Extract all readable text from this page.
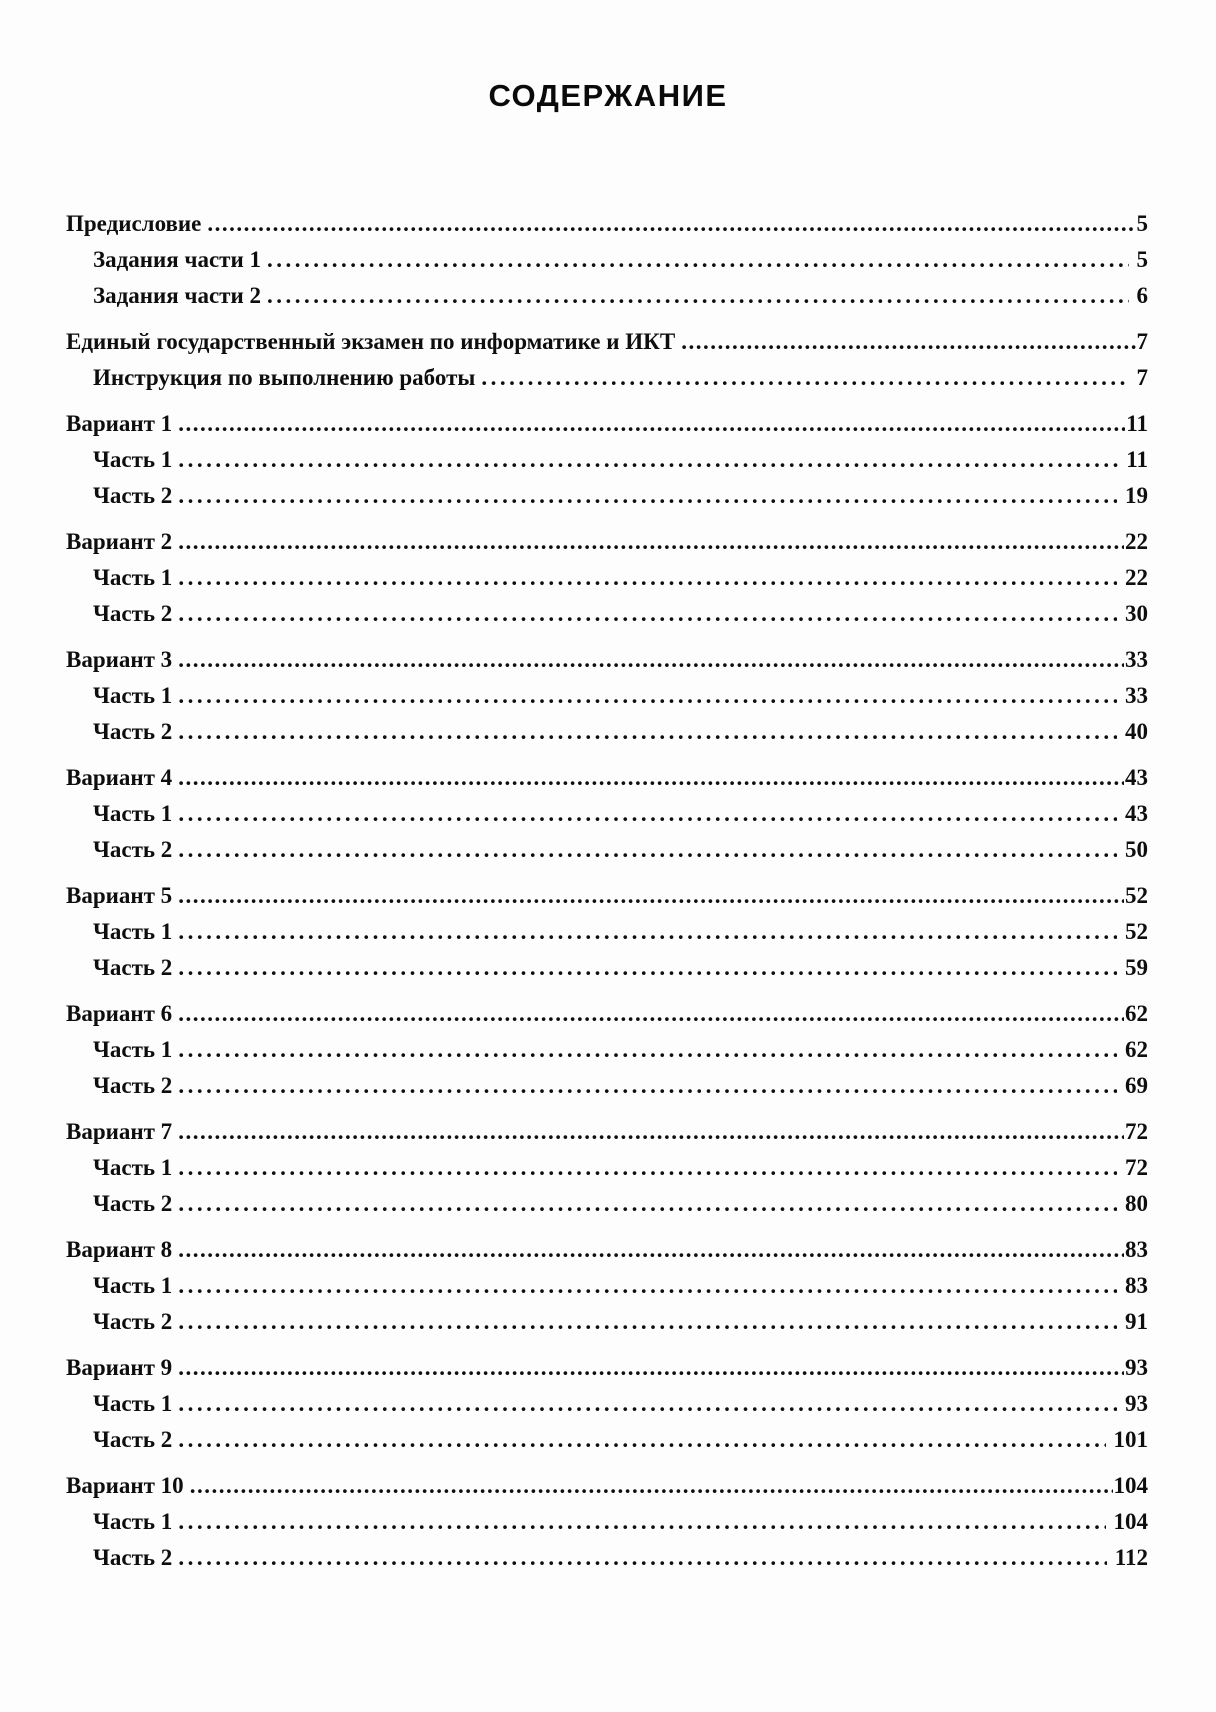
СОДЕРЖАНИЕ
Предисловие .....	5
Задания части 1 .....	5
Задания части 2 .....	6
Единый государственный экзамен по информатике и ИКТ .....	7
Инструкция по выполнению работы .....	7
Вариант 1 .....	11
Часть 1 .....	11
Часть 2 .....	19
Вариант 2 .....	22
Часть 1 .....	22
Часть 2 .....	30
Вариант 3 .....	33
Часть 1 .....	33
Часть 2 .....	40
Вариант 4 .....	43
Часть 1 .....	43
Часть 2 .....	50
Вариант 5 .....	52
Часть 1 .....	52
Часть 2 .....	59
Вариант 6 .....	62
Часть 1 .....	62
Часть 2 .....	69
Вариант 7 .....	72
Часть 1 .....	72
Часть 2 .....	80
Вариант 8 .....	83
Часть 1 .....	83
Часть 2 .....	91
Вариант 9 .....	93
Часть 1 .....	93
Часть 2 .....	101
Вариант 10 .....	104
Часть 1 .....	104
Часть 2 .....	112
